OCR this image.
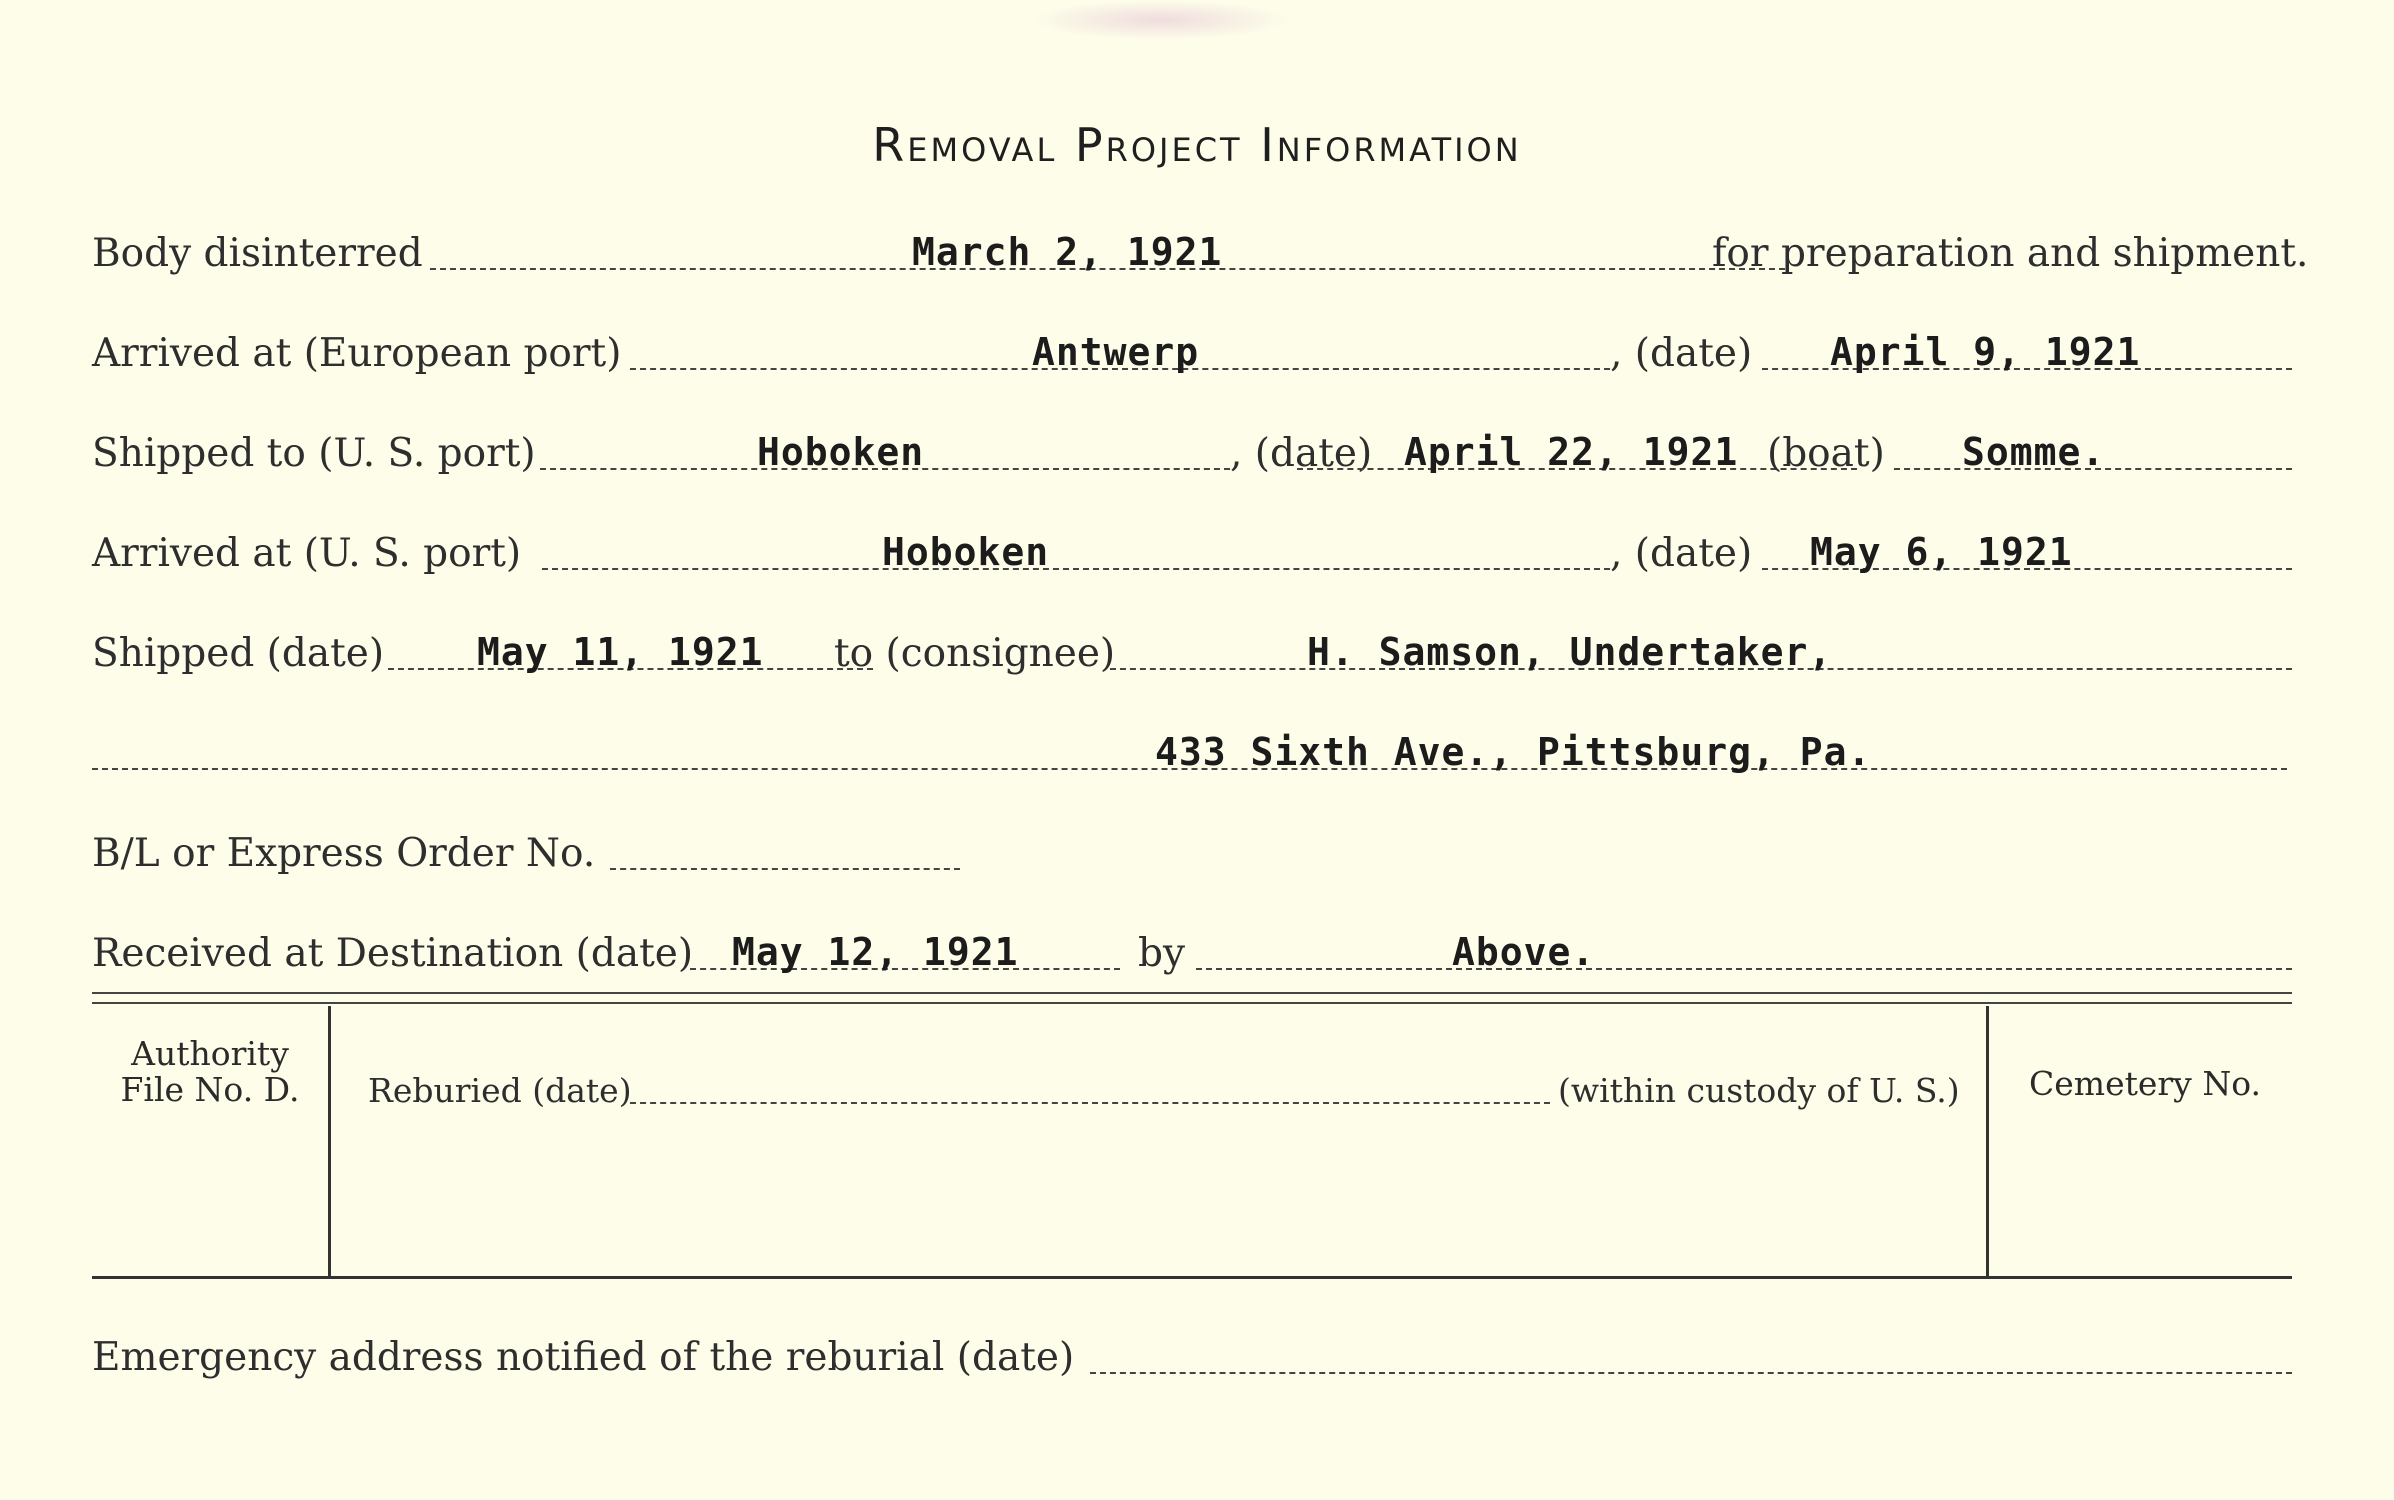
Removal Project Information
Body disinterred	March 2, 1921	for preparation and shipment.
Arrived at (European port)	Antwerp	, (date) April 9, 1921
Shipped to (U. S. port)	Hoboken	, (date) April 22, 1921 (boat) Somme.
Arrived at (U. S. port)	Hoboken	, (date) May 6, 1921
Shipped (date) May 11, 1921 to (consignee)	H. Samson, Undertaker,
433 Sixth Ave., Pittsburg, Pa.
B/L or Express Order No.
Received at Destination (date) May 12, 1921	by	Above.
Authority
File No. D.	Reburied (date)	(within custody of U. S.)	Cemetery No.
Emergency address notified of the reburial (date)
